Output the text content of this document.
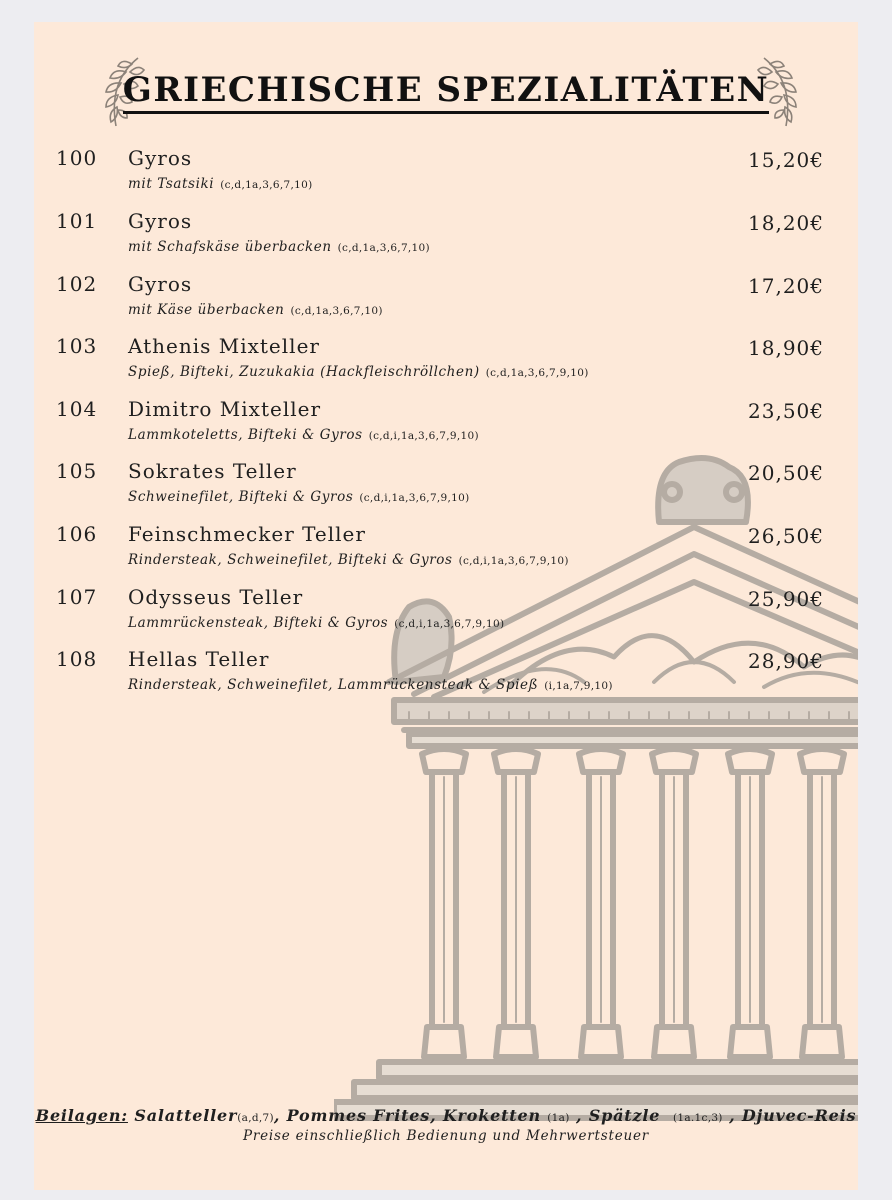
GRIECHISCHE SPEZIALITÄTEN
100 Gyros
mit Tsatsiki (c,d,1a,3,6,7,10)
15,20€
101 Gyros
mit Schafskäse überbacken (c,d,1a,3,6,7,10)
18,20€
102 Gyros
mit Käse überbacken (c,d,1a,3,6,7,10)
17,20€
103 Athenis Mixteller
Spieß, Bifteki, Zuzukakia (Hackfleischröllchen) (c,d,1a,3,6,7,9,10)
18,90€
104 Dimitro Mixteller
Lammkoteletts, Bifteki & Gyros (c,d,i,1a,3,6,7,9,10)
23,50€
105 Sokrates Teller
Schweinefilet, Bifteki & Gyros (c,d,i,1a,3,6,7,9,10)
20,50€
106 Feinschmecker Teller
Rindersteak, Schweinefilet, Bifteki & Gyros (c,d,i,1a,3,6,7,9,10)
26,50€
107 Odysseus Teller
Lammrückensteak, Bifteki & Gyros (c,d,i,1a,3,6,7,9,10)
25,90€
108 Hellas Teller
Rindersteak, Schweinefilet, Lammrückensteak & Spieß (i,1a,7,9,10)
28,90€
Beilagen: Salatteller(a,d,7), Pommes Frites, Kroketten (1a) , Spätzle (1a.1c,3) , Djuvec-Reis
Preise einschließlich Bedienung und Mehrwertsteuer
